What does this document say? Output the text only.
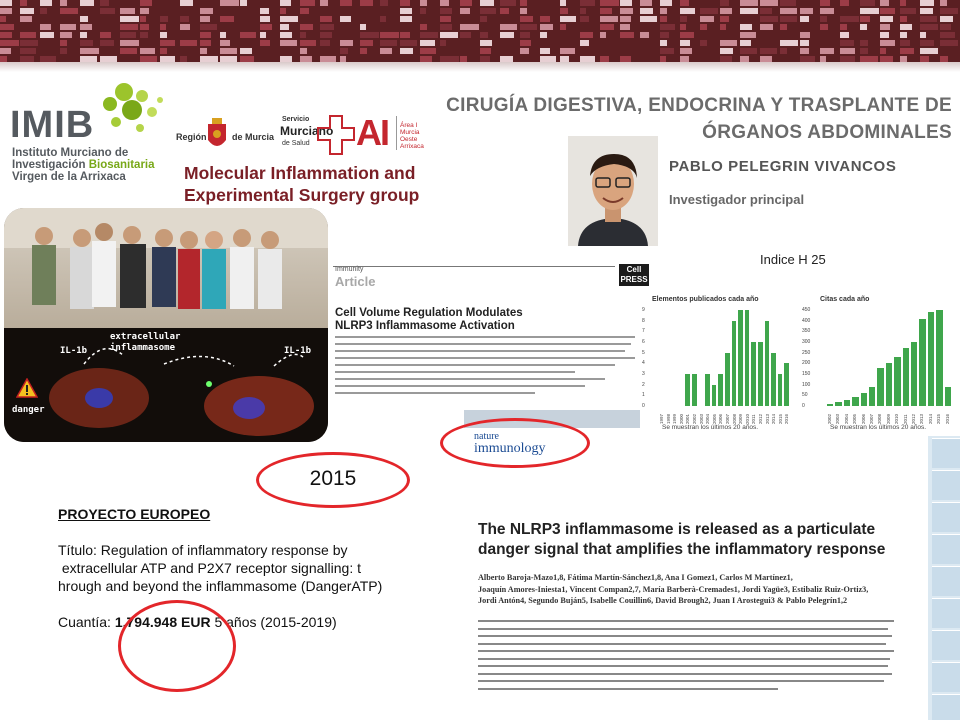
IMIB
Instituto Murciano de
Investigación Biosanitaria
Virgen de la Arrixaca
Región	de Murcia
Servicio
Murciano
de Salud AI Área I Murcia Oeste Arrixaca
Molecular Inflammation and
Experimental Surgery group
CIRUGÍA DIGESTIVA, ENDOCRINA Y TRASPLANTE DE
ÓRGANOS ABDOMINALES
PABLO PELEGRIN VIVANCOS
Investigador principal
Indice H 25
IL-1b
extracellular
inflammasome	IL-1b
danger
Immunity
Article
Cell PRESS
Cell Volume Regulation Modulates
NLRP3 Inflammasome Activation
Elementos publicados cada año
0
1
2
3
4
5
6
7
8
9
1997 1998 1999 2000 2001 2002 2003 2004 2005 2006 2007 2008 2009 2010 2011 2012 2013 2014 2015 2016
Se muestran los últimos 20 años.
Citas cada año
0
50
100
150
200
250
300
350
400
450
2002 2003 2004 2005 2006 2007 2008 2009 2010 2011 2012 2013 2014 2015 2016
Se muestran los últimos 20 años.
nature
immunology
2015
PROYECTO EUROPEO
Título: Regulation of inflammatory response by
extracellular ATP and P2X7 receptor signalling: t
hrough and beyond the inflammasome (DangerATP)
Cuantía: 1.794.948 EUR 5 años (2015-2019)
The NLRP3 inflammasome is released as a particulate
danger signal that amplifies the inflammatory response
Alberto Baroja-Mazo1,8, Fátima Martín-Sánchez1,8, Ana I Gomez1, Carlos M Martínez1,
Joaquín Amores-Iniesta1, Vincent Compan2,7, María Barberà-Cremades1, Jordi Yagüe3, Estibaliz Ruiz-Ortiz3,
Jordi Antón4, Segundo Buján5, Isabelle Couillin6, David Brough2, Juan I Arostegui3 & Pablo Pelegrín1,2
